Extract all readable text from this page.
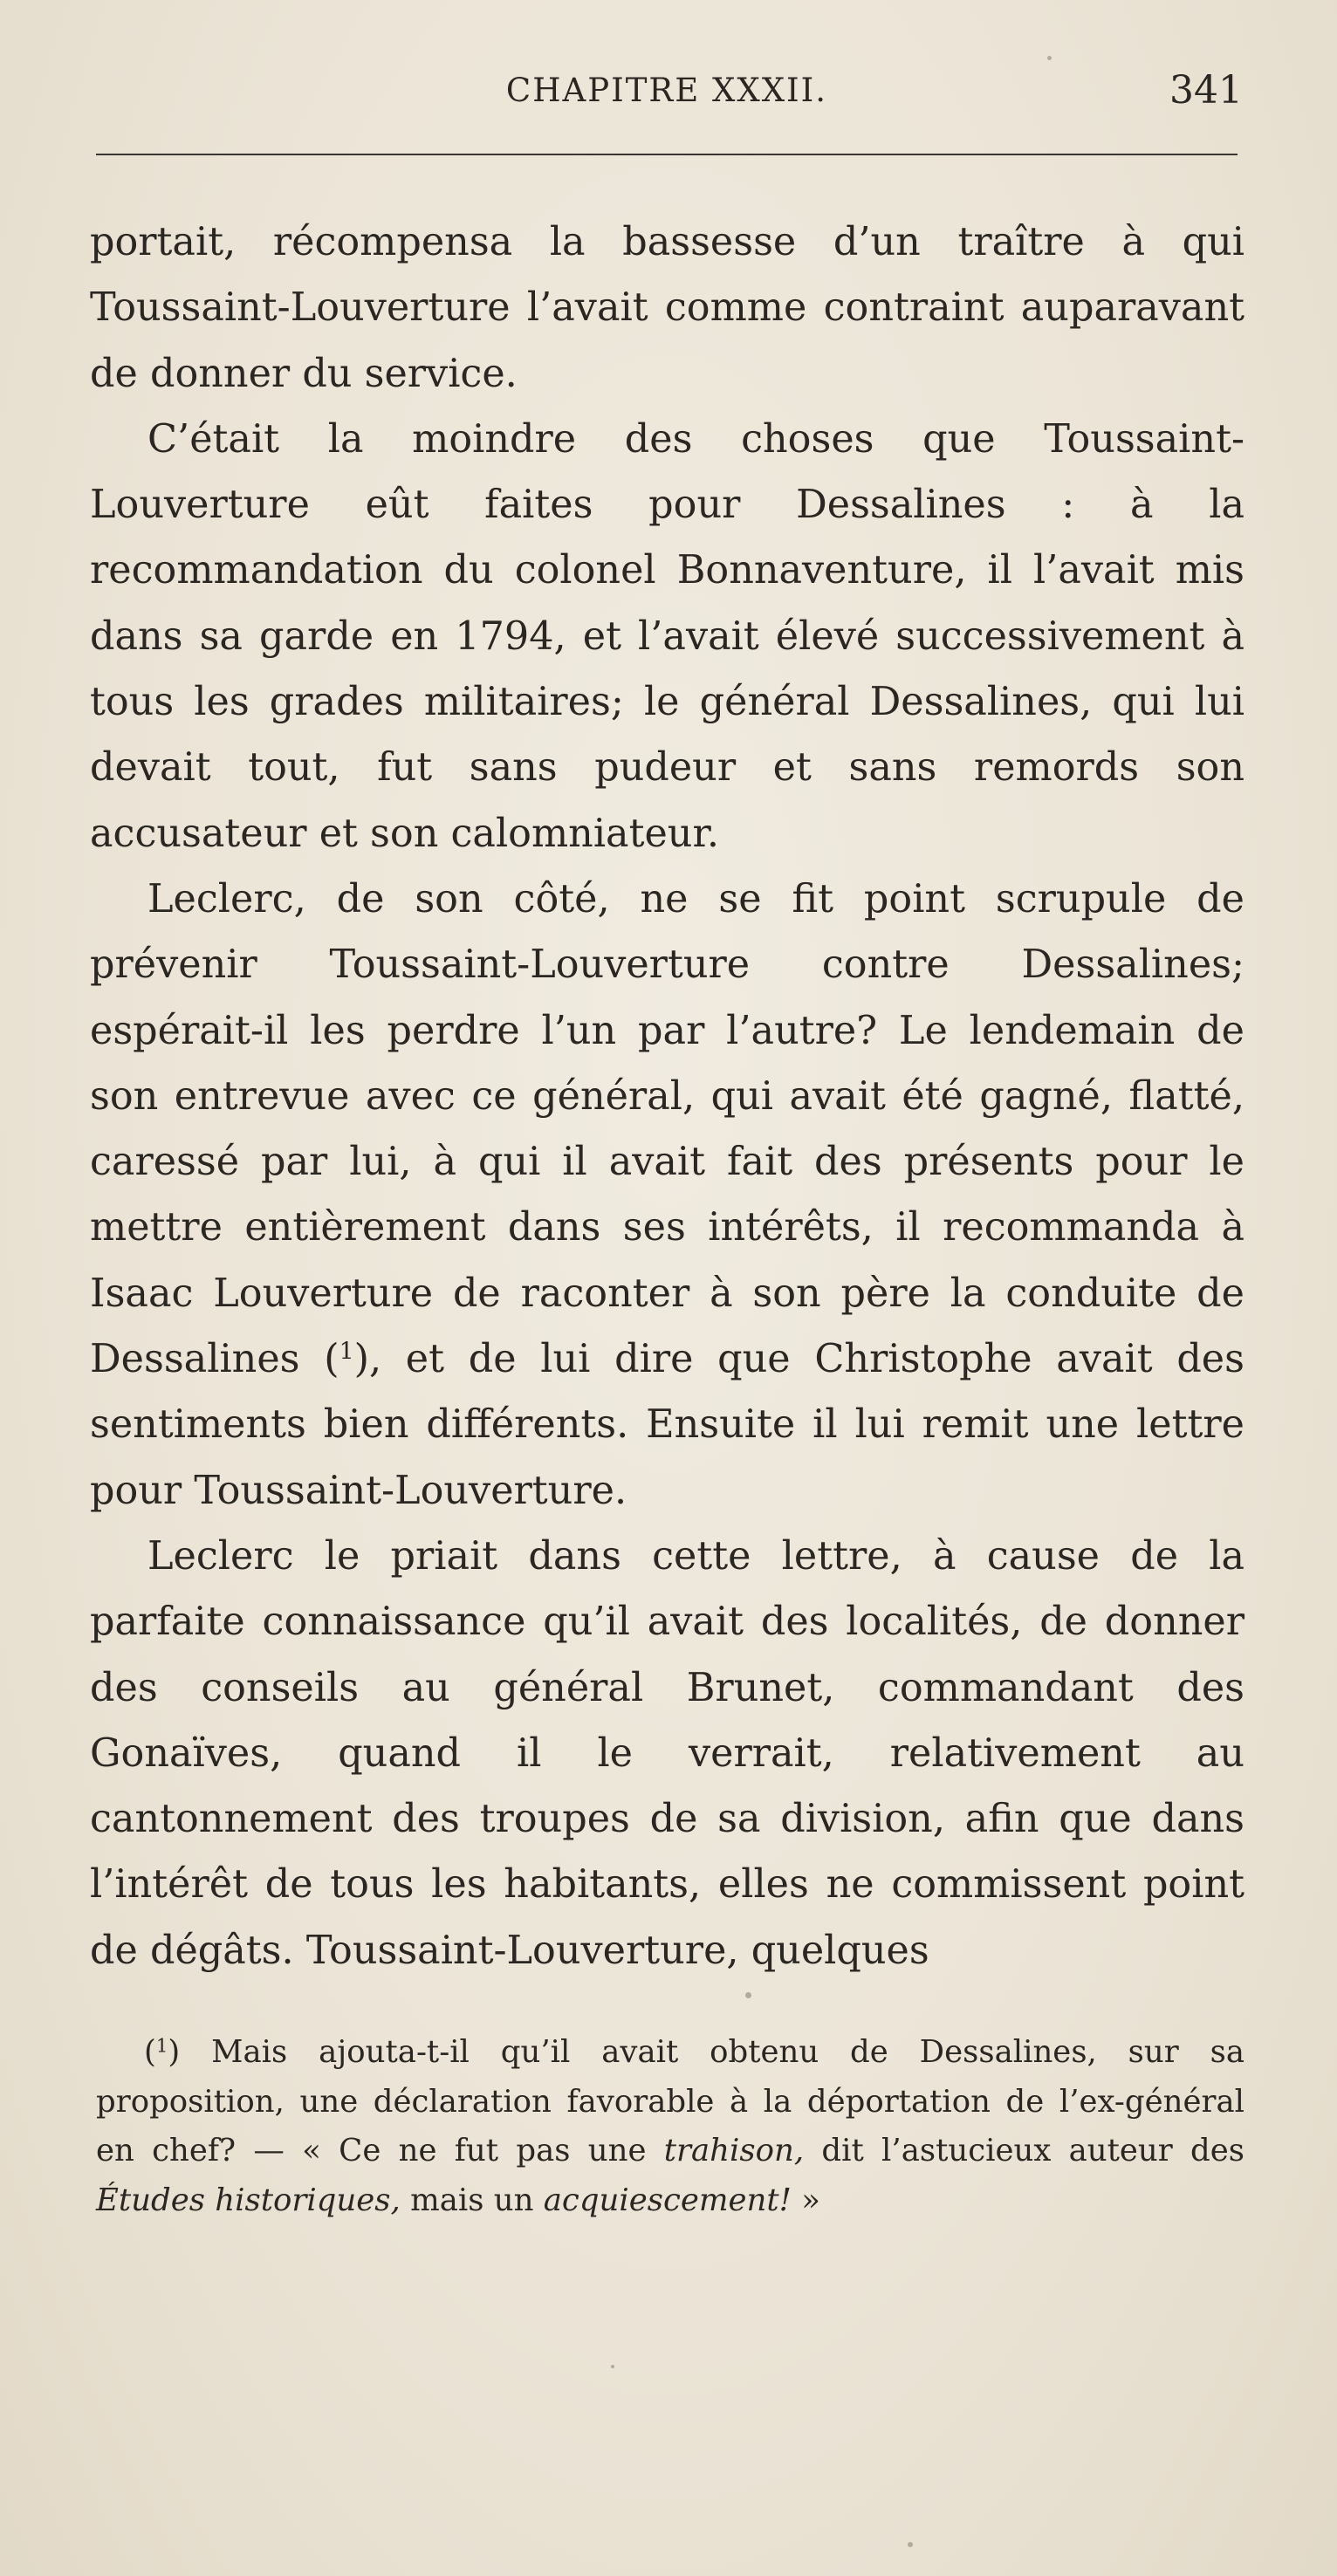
CHAPITRE XXXII.	341

portait, récompensa la bassesse d’un traître à qui Toussaint-Louverture l’avait comme contraint auparavant de donner du service.

C’était la moindre des choses que Toussaint-Louverture eût faites pour Dessalines : à la recommandation du colonel Bonnaventure, il l’avait mis dans sa garde en 1794, et l’avait élevé successivement à tous les grades militaires; le général Dessalines, qui lui devait tout, fut sans pudeur et sans remords son accusateur et son calomniateur.

Leclerc, de son côté, ne se fit point scrupule de prévenir Toussaint-Louverture contre Dessalines; espérait-il les perdre l’un par l’autre? Le lendemain de son entrevue avec ce général, qui avait été gagné, flatté, caressé par lui, à qui il avait fait des présents pour le mettre entièrement dans ses intérêts, il recommanda à Isaac Louverture de raconter à son père la conduite de Dessalines ($^1$), et de lui dire que Christophe avait des sentiments bien différents. Ensuite il lui remit une lettre pour Toussaint-Louverture.

Leclerc le priait dans cette lettre, à cause de la parfaite connaissance qu’il avait des localités, de donner des conseils au général Brunet, commandant des Gonaïves, quand il le verrait, relativement au cantonnement des troupes de sa division, afin que dans l’intérêt de tous les habitants, elles ne commissent point de dégâts. Toussaint-Louverture, quelques

($^1$) Mais ajouta-t-il qu’il avait obtenu de Dessalines, sur sa proposition, une déclaration favorable à la déportation de l’ex-général en chef? — « Ce ne fut pas une trahison, dit l’astucieux auteur des Études historiques, mais un acquiescement! »
